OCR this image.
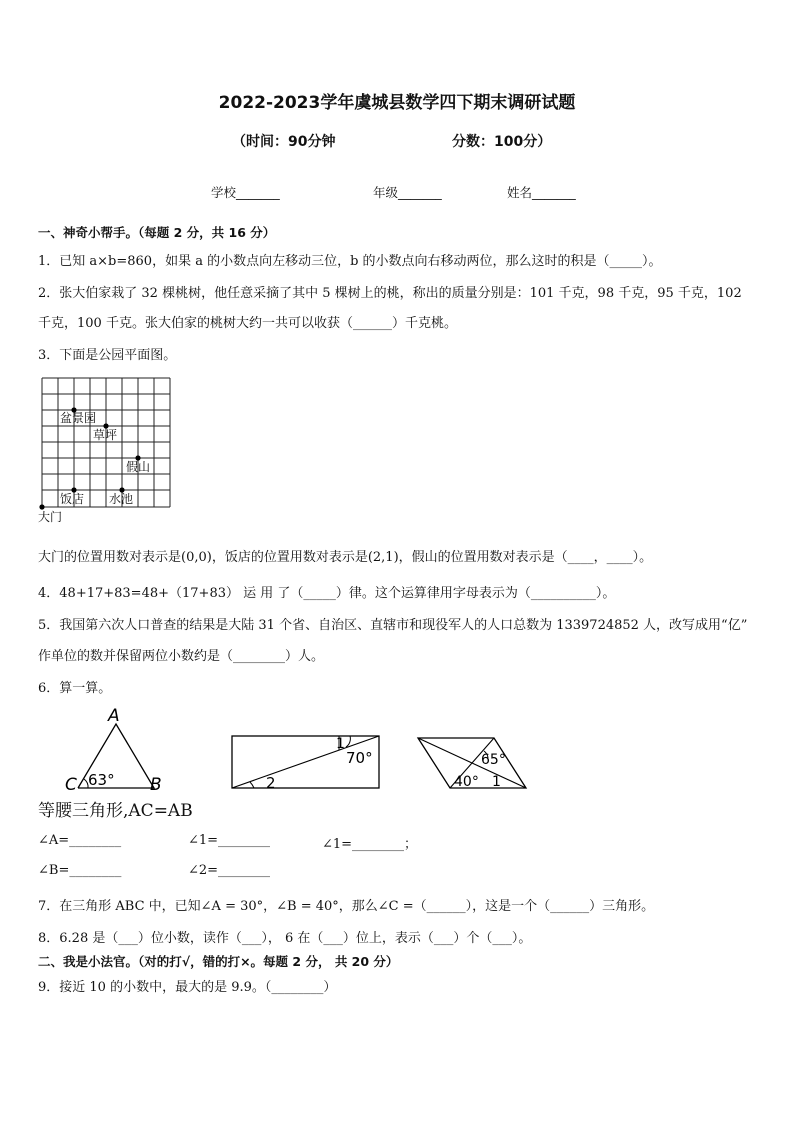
2022-2023学年虞城县数学四下期末调研试题
（时间：90分钟	分数：100分）
学校_______	年级_______	姓名_______
一、神奇小帮手。（每题 2 分，共 16 分）
1．已知 a×b=860，如果 a 的小数点向左移动三位，b 的小数点向右移动两位，那么这时的积是（_____）。
2．张大伯家栽了 32 棵桃树，他任意采摘了其中 5 棵树上的桃，称出的质量分别是：101 千克，98 千克，95 千克，102
千克，100 千克。张大伯家的桃树大约一共可以收获（______）千克桃。
3．下面是公园平面图。
盆景园
草坪
假山
饭店 水池
大门
大门的位置用数对表示是(0,0)，饭店的位置用数对表示是(2,1)，假山的位置用数对表示是（____，____）。
4．48+17+83=48+（17+83） 运 用 了（_____）律。这个运算律用字母表示为（__________）。
5．我国第六次人口普查的结果是大陆 31 个省、自治区、直辖市和现役军人的人口总数为 1339724852 人，改写成用“亿”
作单位的数并保留两位小数约是（________）人。
6．算一算。
A
C	B
63°
1
70°
2
65°
40° 1
等腰三角形,AC=AB
∠A=________	∠1=________	∠1=________；
∠B=________	∠2=________
7．在三角形 ABC 中，已知∠A = 30°，∠B = 40°，那么∠C =（______），这是一个（______）三角形。
8．6.28 是（___）位小数，读作（___）， 6 在（___）位上，表示（___）个（___）。
二、我是小法官。（对的打√，错的打×。每题 2 分， 共 20 分）
9．接近 10 的小数中，最大的是 9.9。（________）
